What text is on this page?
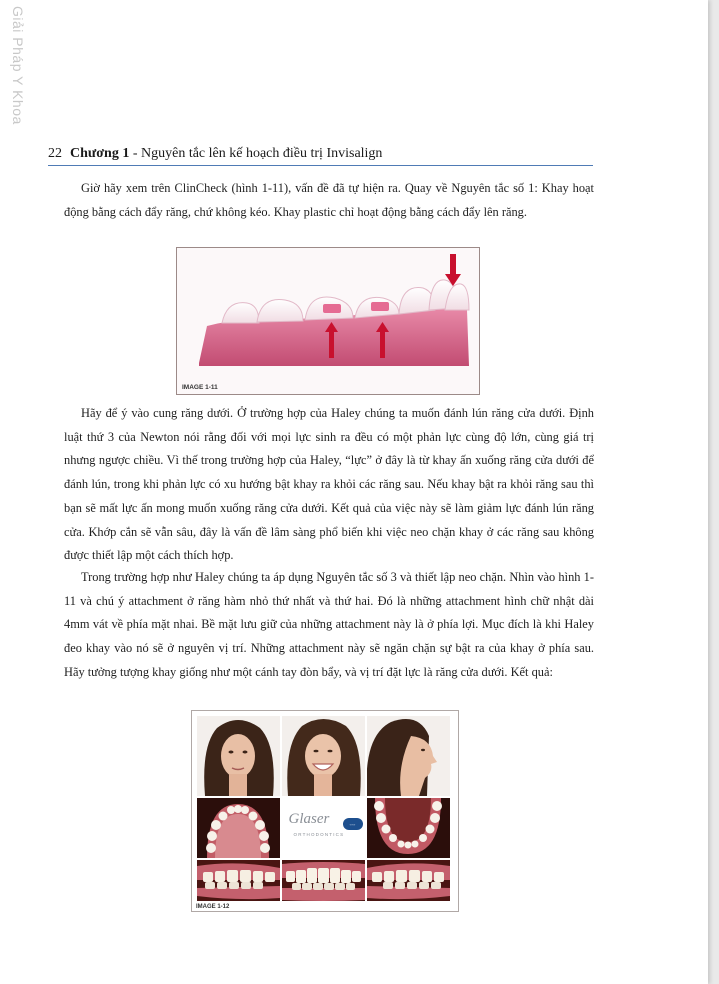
Giải Pháp Y Khoa
22 Chương 1 - Nguyên tắc lên kế hoạch điều trị Invisalign

Giờ hãy xem trên ClinCheck (hình 1-11), vấn đề đã tự hiện ra. Quay về Nguyên tắc số 1: Khay hoạt động bằng cách đẩy răng, chứ không kéo. Khay plastic chỉ hoạt động bằng cách đẩy lên răng.

IMAGE 1-11

Hãy để ý vào cung răng dưới. Ở trường hợp của Haley chúng ta muốn đánh lún răng cửa dưới. Định luật thứ 3 của Newton nói rằng đối với mọi lực sinh ra đều có một phản lực cùng độ lớn, cùng giá trị nhưng ngược chiều. Vì thế trong trường hợp của Haley, “lực” ở đây là từ khay ấn xuống răng cửa dưới để đánh lún, trong khi phản lực có xu hướng bật khay ra khỏi các răng sau. Nếu khay bật ra khỏi răng sau thì bạn sẽ mất lực ấn mong muốn xuống răng cửa dưới. Kết quả của việc này sẽ làm giảm lực đánh lún răng cửa. Khớp cắn sẽ vẫn sâu, đây là vấn đề lâm sàng phổ biến khi việc neo chặn khay ở các răng sau không được thiết lập một cách thích hợp.

Trong trường hợp như Haley chúng ta áp dụng Nguyên tắc số 3 và thiết lập neo chặn. Nhìn vào hình 1-11 và chú ý attachment ở răng hàm nhỏ thứ nhất và thứ hai. Đó là những attachment hình chữ nhật dài 4mm vát về phía mặt nhai. Bề mặt lưu giữ của những attachment này là ở phía lợi. Mục đích là khi Haley đeo khay vào nó sẽ ở nguyên vị trí. Những attachment này sẽ ngăn chặn sự bật ra của khay ở phía sau. Hãy tưởng tượng khay giống như một cánh tay đòn bẩy, và vị trí đặt lực là răng cửa dưới. Kết quả:

Glaser
ORTHODONTICS
◦◦◦◦
IMAGE 1-12
